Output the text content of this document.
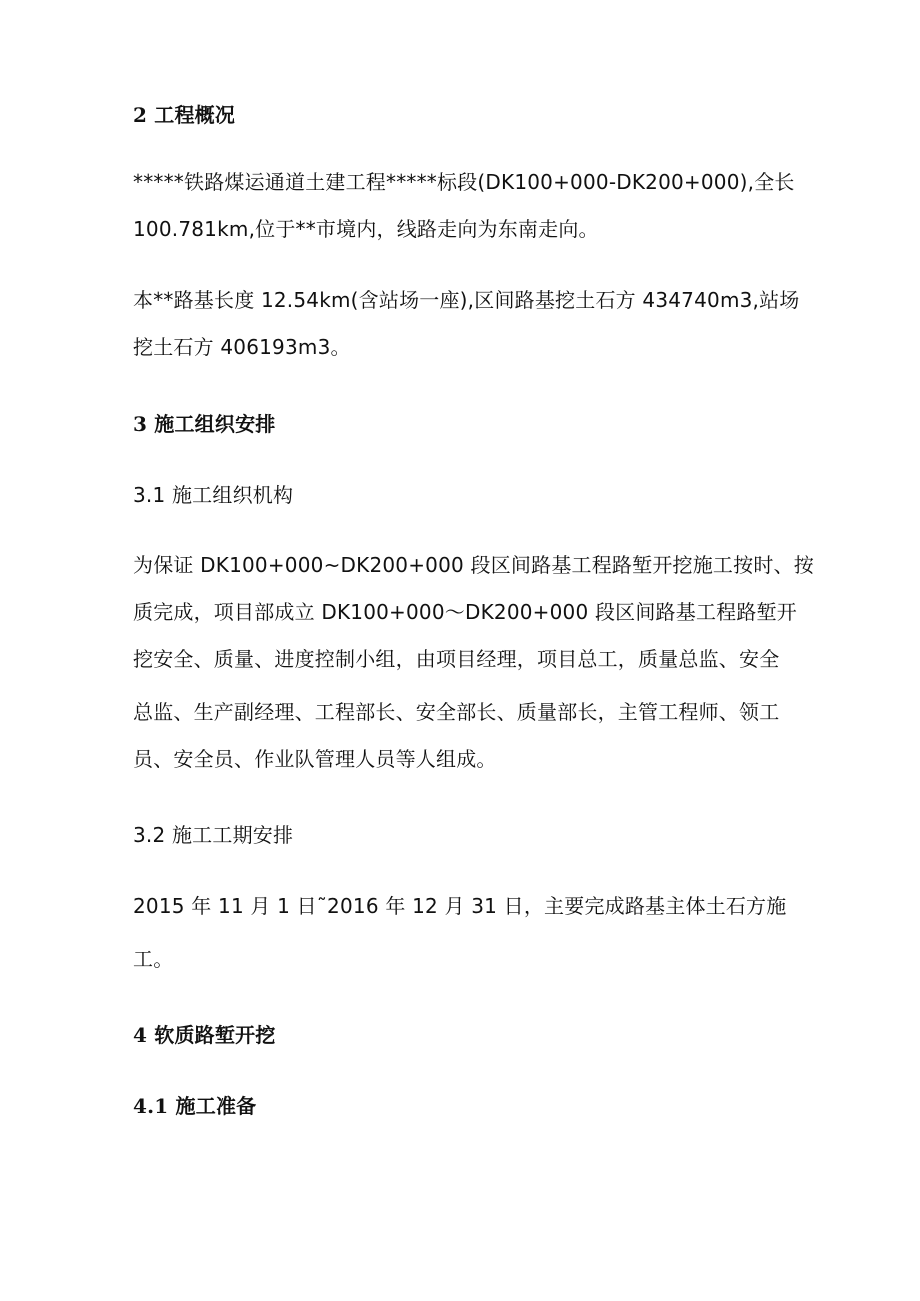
2 工程概况
*****铁路煤运通道土建工程*****标段(DK100+000-DK200+000),全长
100.781km,位于**市境内，线路走向为东南走向。
本**路基长度 12.54km(含站场一座),区间路基挖土石方 434740m3,站场
挖土石方 406193m3。
3 施工组织安排
3.1 施工组织机构
为保证 DK100+000~DK200+000 段区间路基工程路堑开挖施工按时、按
质完成，项目部成立 DK100+000～DK200+000 段区间路基工程路堑开
挖安全、质量、进度控制小组，由项目经理，项目总工，质量总监、安全
总监、生产副经理、工程部长、安全部长、质量部长，主管工程师、领工
员、安全员、作业队管理人员等人组成。
3.2 施工工期安排
2015 年 11 月 1 日˜2016 年 12 月 31 日，主要完成路基主体土石方施
工。
4 软质路堑开挖
4.1 施工准备
